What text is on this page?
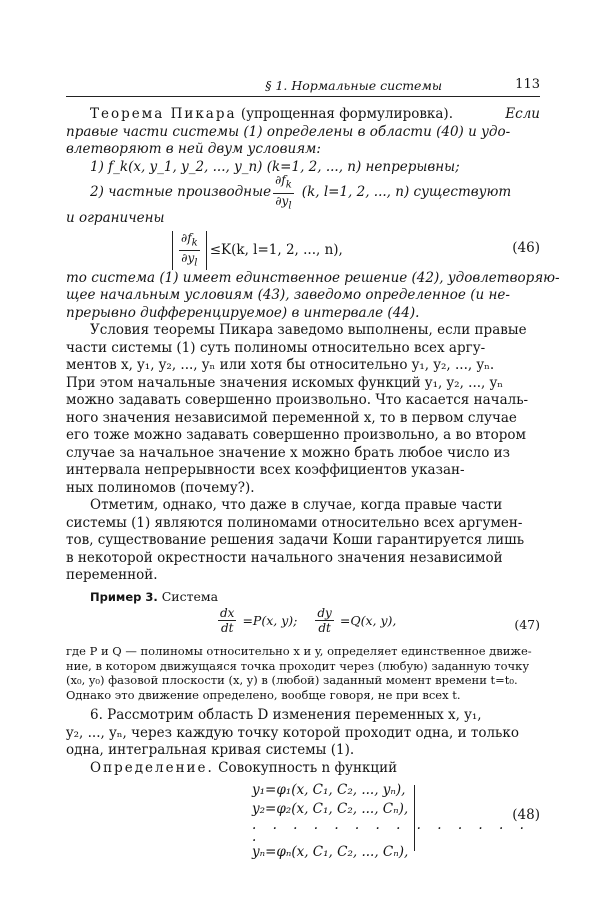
§ 1. Нормальные системы	113
Теорема Пикара (упрощенная формулировка).	Если
правые части системы (1) определены в области (40) и удо-
влетворяют в ней двум условиям:
1) f_k(x, y_1, y_2, ..., y_n) (k=1, 2, ..., n) непрерывны;
2) частные производные $\frac{\partial f_k}{\partial y_l} (k$, l=1, 2, ..., n) существуют
и ограничены
$\frac{\partial f_k}{\partial y_l} \le K(k$, l=1, 2, ..., n),	(46)
то система (1) имеет единственное решение (42), удовлетворяю-
щее начальным условиям (43), заведомо определенное (и не-
прерывно дифференцируемое) в интервале (44).
Условия теоремы Пикара заведомо выполнены, если правые
части системы (1) суть полиномы относительно всех аргу-
ментов x, y₁, y₂, ..., yₙ или хотя бы относительно y₁, y₂, ..., yₙ.
При этом начальные значения искомых функций y₁, y₂, ..., yₙ
можно задавать совершенно произвольно. Что касается началь-
ного значения независимой переменной x, то в первом случае
его тоже можно задавать совершенно произвольно, а во втором
случае за начальное значение x можно брать любое число из
интервала непрерывности всех коэффициентов указан-
ных полиномов (почему?).
Отметим, однако, что даже в случае, когда правые части
системы (1) являются полиномами относительно всех аргумен-
тов, существование решения задачи Коши гарантируется лишь
в некоторой окрестности начального значения независимой
переменной.
Пример 3.
Система
$\frac{dx}{dt} =P(x$, y); $\frac{dy}{dt} =Q(x$, y),	(47)
где P и Q — полиномы относительно x и y, определяет единственное движе-
ние, в котором движущаяся точка проходит через (любую) заданную точку
(x₀, y₀) фазовой плоскости (x, y) в (любой) заданный момент времени t=t₀.
Однако это движение определено, вообще говоря, не при всех t.
6. Рассмотрим область D изменения переменных x, y₁,
y₂, ..., yₙ, через каждую точку которой проходит одна, и только
одна, интегральная кривая системы (1).
Определение.
Совокупность n функций
y₁=φ₁(x, C₁, C₂, ..., yₙ),
y₂=φ₂(x, C₁, C₂, ..., Cₙ),
. . . . . . . . . . . . . . .
yₙ=φₙ(x, C₁, C₂, ..., Cₙ),
(48)
